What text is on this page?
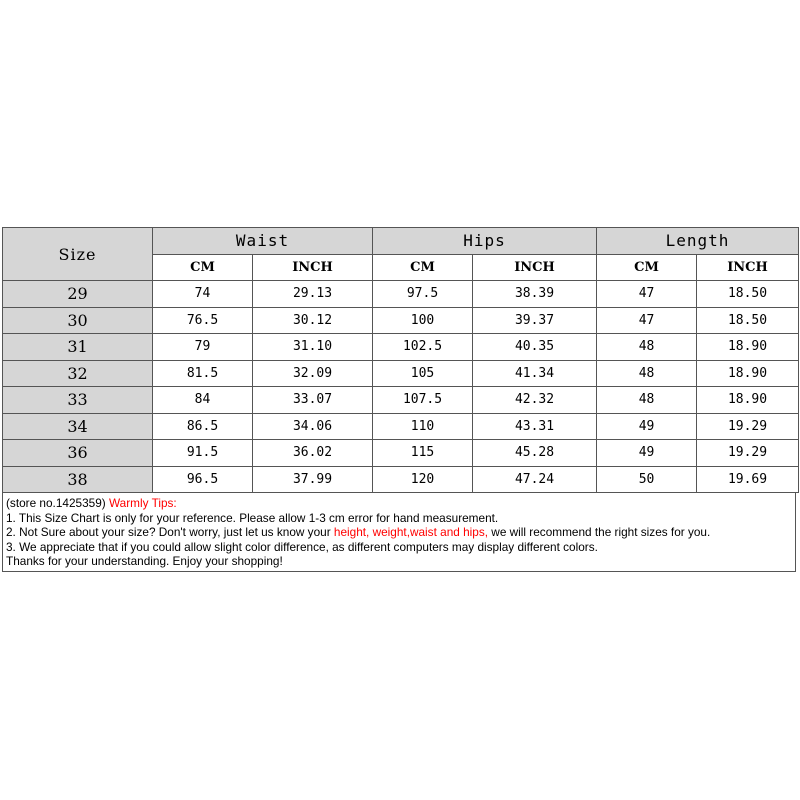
Size	Waist		Hips		Length	
	CM	INCH	CM	INCH	CM	INCH
29	74	29.13	97.5	38.39	47	18.50
30	76.5	30.12	100	39.37	47	18.50
31	79	31.10	102.5	40.35	48	18.90
32	81.5	32.09	105	41.34	48	18.90
33	84	33.07	107.5	42.32	48	18.90
34	86.5	34.06	110	43.31	49	19.29
36	91.5	36.02	115	45.28	49	19.29
38	96.5	37.99	120	47.24	50	19.69
(store no.1425359) Warmly Tips:
1. This Size Chart is only for your reference. Please allow 1-3 cm error for hand measurement.
2. Not Sure about your size? Don't worry, just let us know your height, weight,waist and hips, we will recommend the right sizes for you.
3. We appreciate that if you could allow slight color difference, as different computers may display different colors.
Thanks for your understanding. Enjoy your shopping!
